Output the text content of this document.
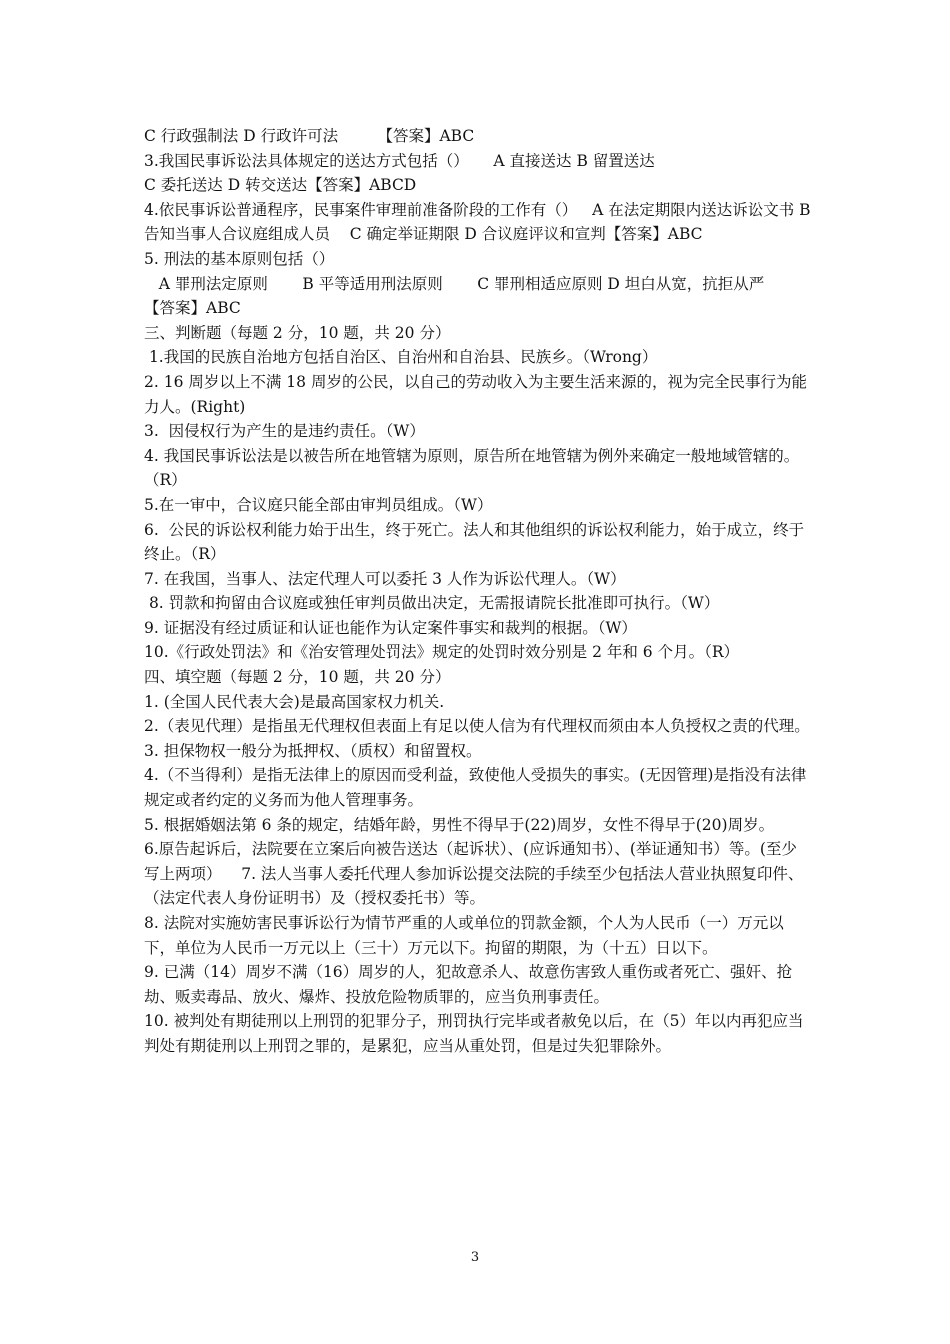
C 行政强制法 D 行政许可法        【答案】ABC
3.我国民事诉讼法具体规定的送达方式包括（）     A 直接送达 B 留置送达
C 委托送达 D 转交送达【答案】ABCD
4.依民事诉讼普通程序，民事案件审理前准备阶段的工作有（）   A 在法定期限内送达诉讼文书 B 告知当事人合议庭组成人员    C 确定举证期限 D 合议庭评议和宣判【答案】ABC
5. 刑法的基本原则包括（）
A 罪刑法定原则       B 平等适用刑法原则       C 罪刑相适应原则 D 坦白从宽，抗拒从严
【答案】ABC
三、判断题（每题 2 分，10 题，共 20 分）
1.我国的民族自治地方包括自治区、自治州和自治县、民族乡。（Wrong）
2. 16 周岁以上不满 18 周岁的公民，以自己的劳动收入为主要生活来源的，视为完全民事行为能力人。(Right)
3.  因侵权行为产生的是违约责任。（W）
4. 我国民事诉讼法是以被告所在地管辖为原则，原告所在地管辖为例外来确定一般地域管辖的。（R）
5.在一审中，合议庭只能全部由审判员组成。（W）
6.  公民的诉讼权利能力始于出生，终于死亡。法人和其他组织的诉讼权利能力，始于成立，终于终止。（R）
7. 在我国，当事人、法定代理人可以委托 3 人作为诉讼代理人。（W）
8. 罚款和拘留由合议庭或独任审判员做出决定，无需报请院长批准即可执行。（W）
9. 证据没有经过质证和认证也能作为认定案件事实和裁判的根据。（W）
10.《行政处罚法》和《治安管理处罚法》规定的处罚时效分别是 2 年和 6 个月。（R）
四、填空题（每题 2 分，10 题，共 20 分）
1. (全国人民代表大会)是最高国家权力机关.
2.（表见代理）是指虽无代理权但表面上有足以使人信为有代理权而须由本人负授权之责的代理。
3. 担保物权一般分为抵押权、（质权）和留置权。
4.（不当得利）是指无法律上的原因而受利益，致使他人受损失的事实。(无因管理)是指没有法律规定或者约定的义务而为他人管理事务。
5. 根据婚姻法第 6 条的规定，结婚年龄，男性不得早于(22)周岁，女性不得早于(20)周岁。
6.原告起诉后，法院要在立案后向被告送达（起诉状）、(应诉通知书）、(举证通知书）等。(至少写上两项）    7. 法人当事人委托代理人参加诉讼提交法院的手续至少包括法人营业执照复印件、（法定代表人身份证明书）及（授权委托书）等。
8. 法院对实施妨害民事诉讼行为情节严重的人或单位的罚款金额，个人为人民币（一）万元以下，单位为人民币一万元以上（三十）万元以下。拘留的期限，为（十五）日以下。
9. 已满（14）周岁不满（16）周岁的人，犯故意杀人、故意伤害致人重伤或者死亡、强奸、抢劫、贩卖毒品、放火、爆炸、投放危险物质罪的，应当负刑事责任。
10. 被判处有期徒刑以上刑罚的犯罪分子，刑罚执行完毕或者赦免以后，在（5）年以内再犯应当判处有期徒刑以上刑罚之罪的，是累犯，应当从重处罚，但是过失犯罪除外。
3
